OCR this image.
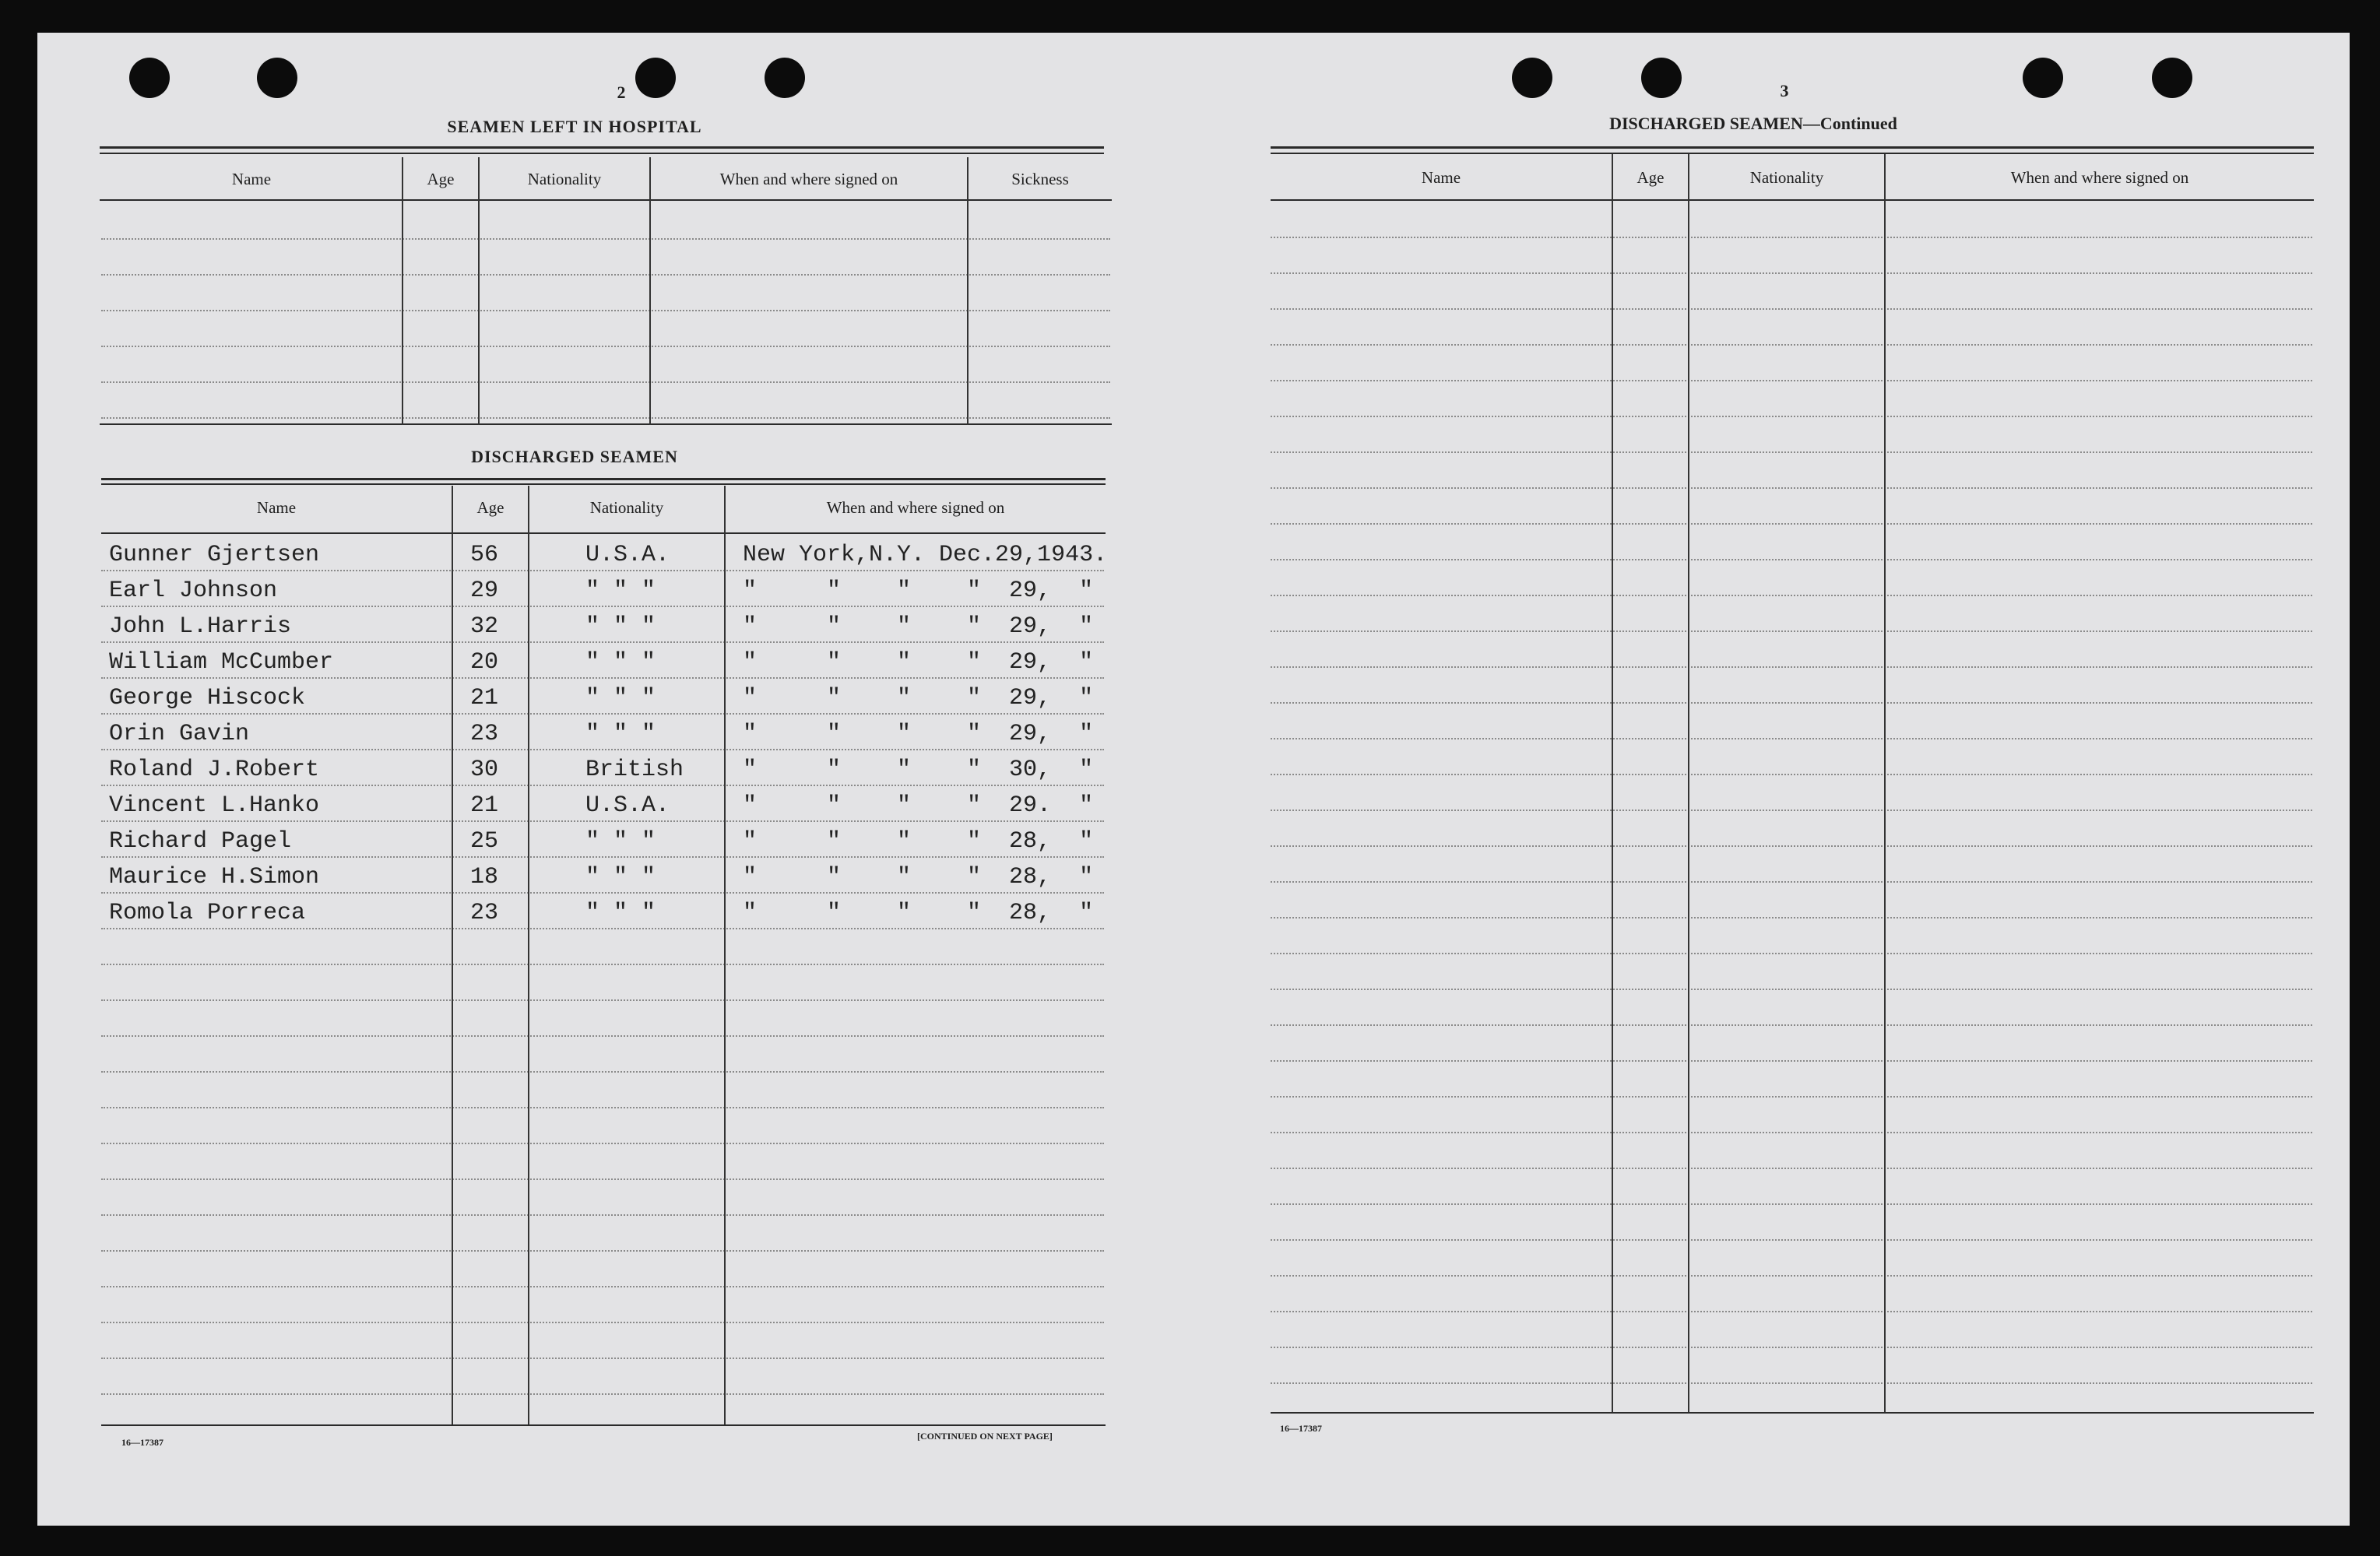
2
SEAMEN LEFT IN HOSPITAL
Name	Age	Nationality	When and where signed on	Sickness
DISCHARGED SEAMEN
Name	Age	Nationality	When and where signed on
Gunner Gjertsen	56	U.S.A.	New York,N.Y. Dec.29,1943.
Earl Johnson	29	" " "	"     "    "    "  29,  "
John L.Harris	32	" " "	"     "    "    "  29,  "
William McCumber	20	" " "	"     "    "    "  29,  "
George Hiscock	21	" " "	"     "    "    "  29,  "
Orin Gavin	23	" " "	"     "    "    "  29,  "
Roland J.Robert	30	British	"     "    "    "  30,  "
Vincent L.Hanko	21	U.S.A.	"     "    "    "  29.  "
Richard Pagel	25	" " "	"     "    "    "  28,  "
Maurice H.Simon	18	" " "	"     "    "    "  28,  "
Romola Porreca	23	" " "	"     "    "    "  28,  "
16—17387
[CONTINUED ON NEXT PAGE]
3
DISCHARGED SEAMEN—Continued
Name	Age	Nationality	When and where signed on
16—17387
